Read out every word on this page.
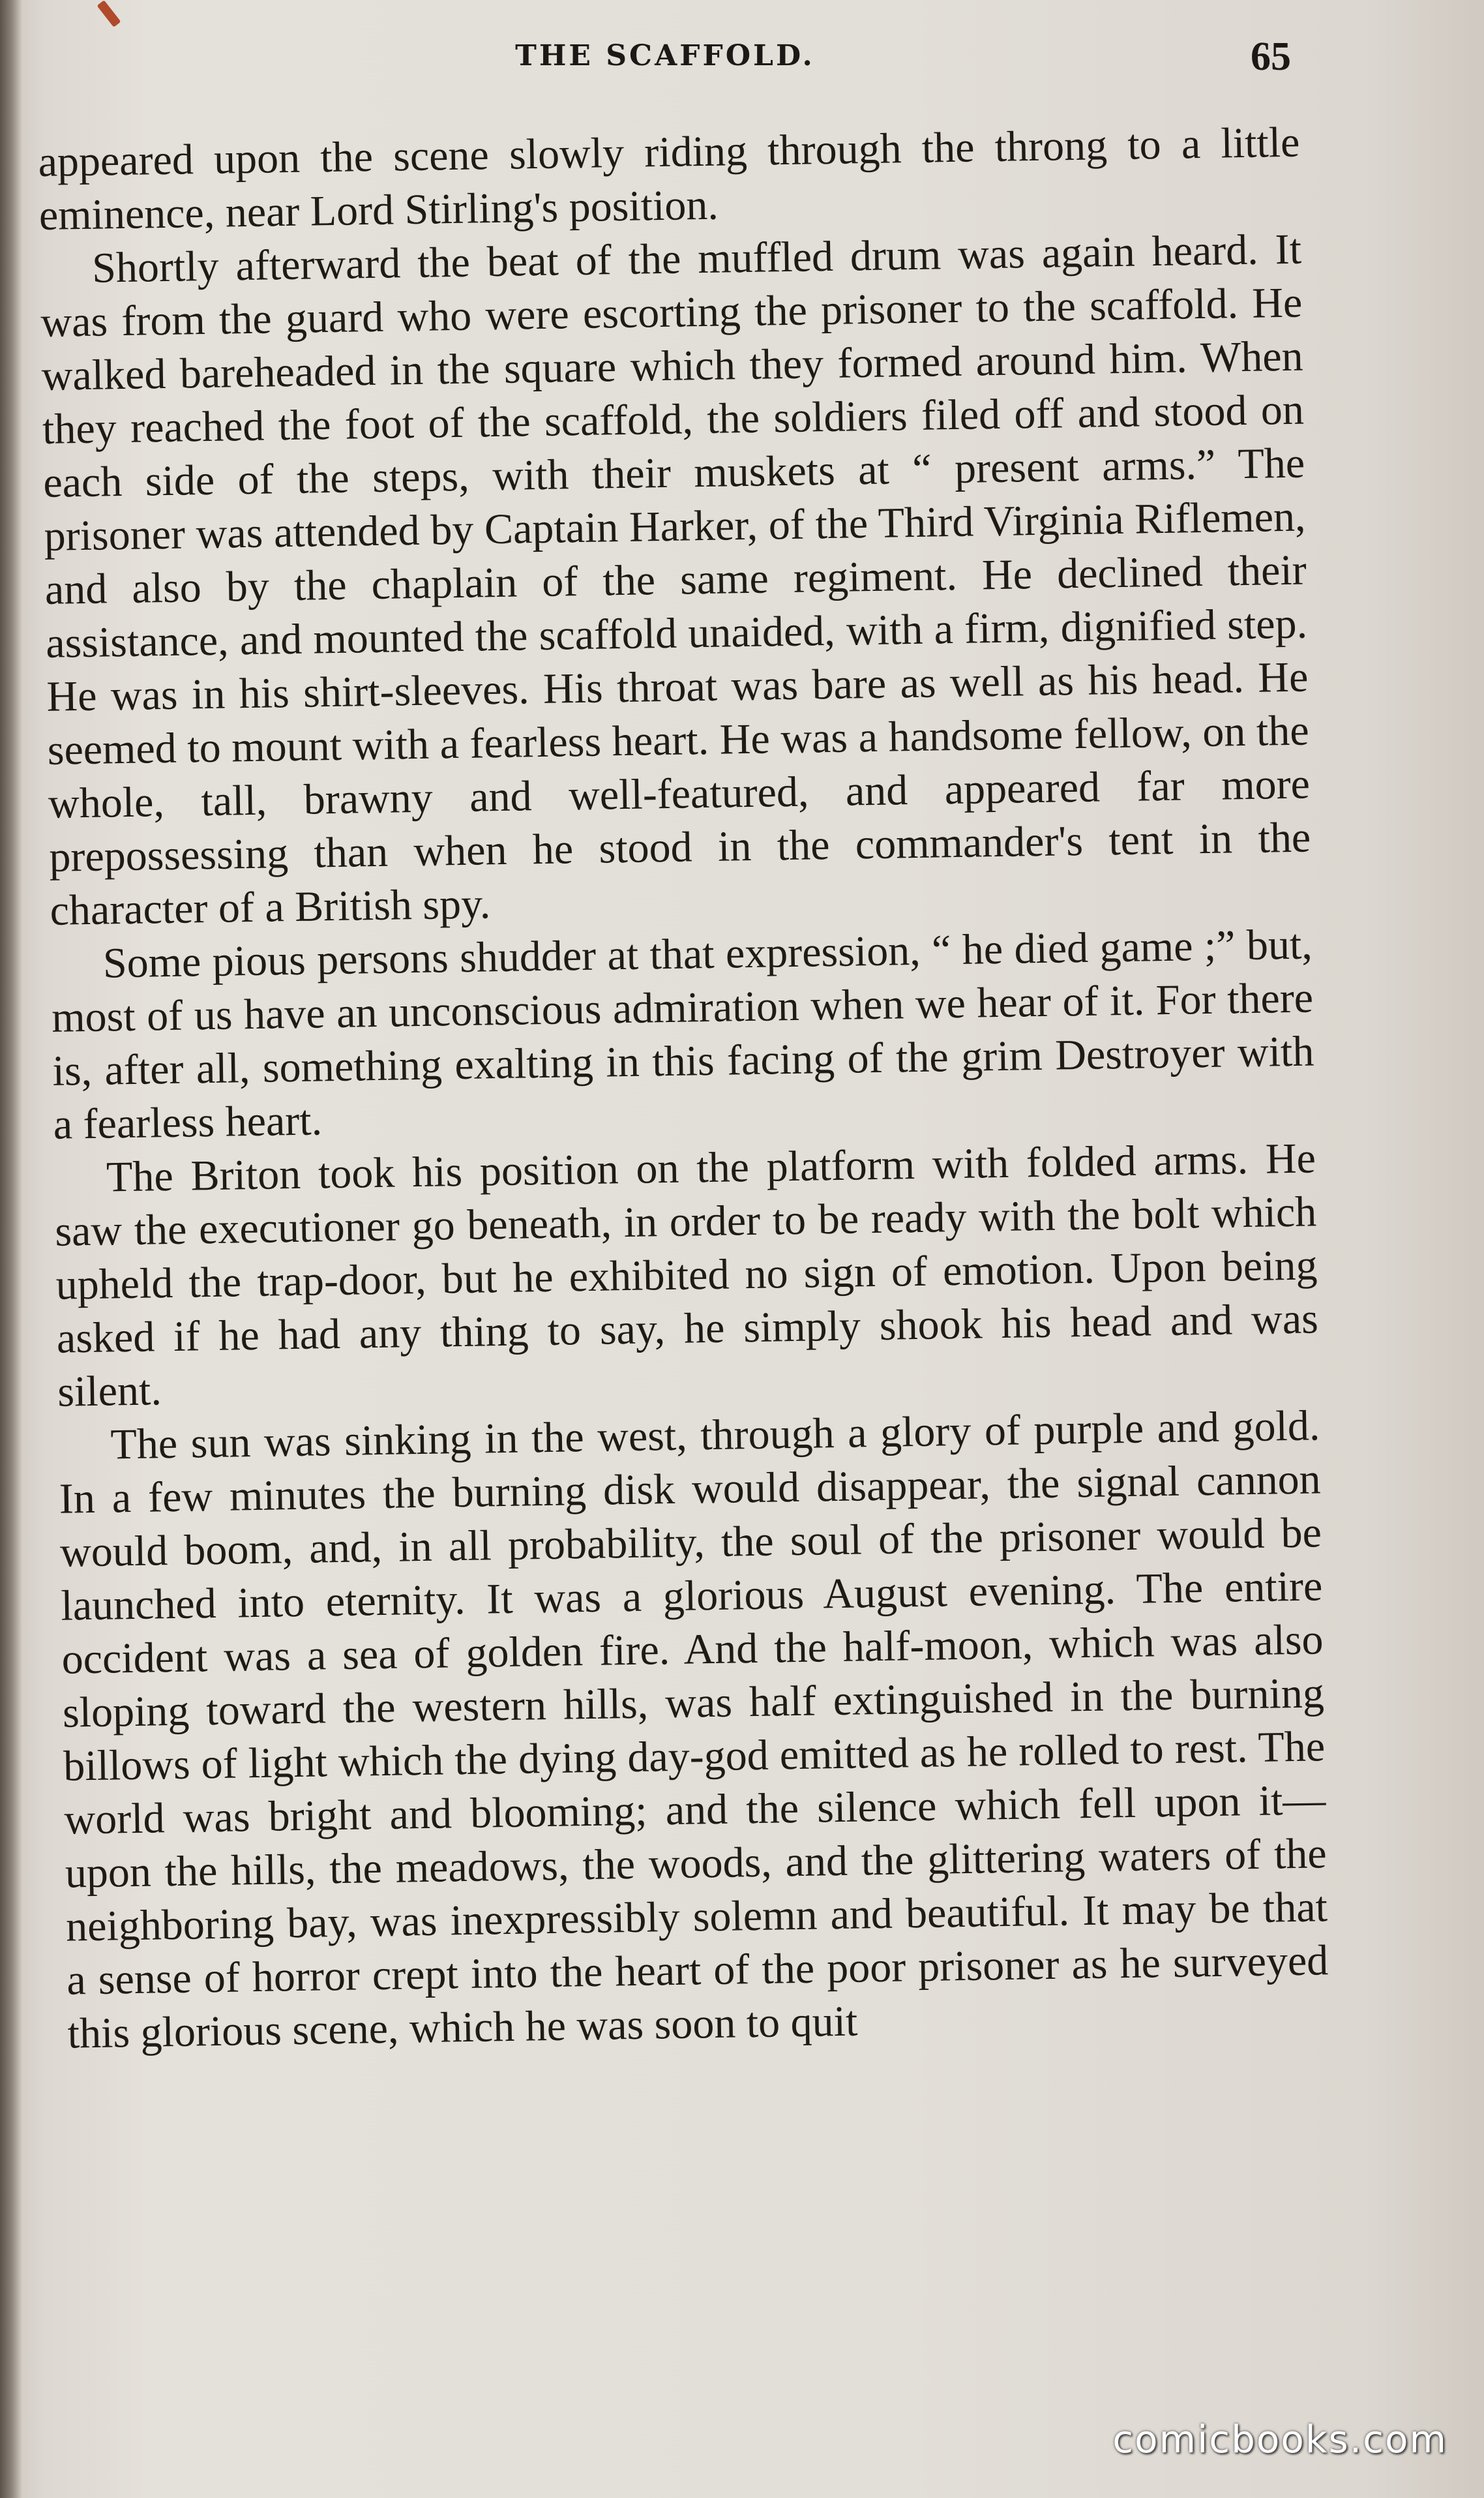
THE SCAFFOLD.	65

appeared upon the scene slowly riding through the throng to a little eminence, near Lord Stirling's position.

Shortly afterward the beat of the muffled drum was again heard. It was from the guard who were escorting the prisoner to the scaffold. He walked bareheaded in the square which they formed around him. When they reached the foot of the scaffold, the soldiers filed off and stood on each side of the steps, with their muskets at “ present arms.” The prisoner was attended by Captain Harker, of the Third Virginia Riflemen, and also by the chaplain of the same regiment. He declined their assistance, and mounted the scaffold unaided, with a firm, dignified step. He was in his shirt-sleeves. His throat was bare as well as his head. He seemed to mount with a fearless heart. He was a handsome fellow, on the whole, tall, brawny and well-featured, and appeared far more prepossessing than when he stood in the commander's tent in the character of a British spy.

Some pious persons shudder at that expression, “ he died game ;” but, most of us have an unconscious admiration when we hear of it. For there is, after all, something exalting in this facing of the grim Destroyer with a fearless heart.

The Briton took his position on the platform with folded arms. He saw the executioner go beneath, in order to be ready with the bolt which upheld the trap-door, but he exhibited no sign of emotion. Upon being asked if he had any thing to say, he simply shook his head and was silent.

The sun was sinking in the west, through a glory of purple and gold. In a few minutes the burning disk would disappear, the signal cannon would boom, and, in all probability, the soul of the prisoner would be launched into eternity. It was a glorious August evening. The entire occident was a sea of golden fire. And the half-moon, which was also sloping toward the western hills, was half extinguished in the burning billows of light which the dying day-god emitted as he rolled to rest. The world was bright and blooming; and the silence which fell upon it—upon the hills, the meadows, the woods, and the glittering waters of the neighboring bay, was inexpressibly solemn and beautiful. It may be that a sense of horror crept into the heart of the poor prisoner as he surveyed this glorious scene, which he was soon to quit

comicbooks.com
